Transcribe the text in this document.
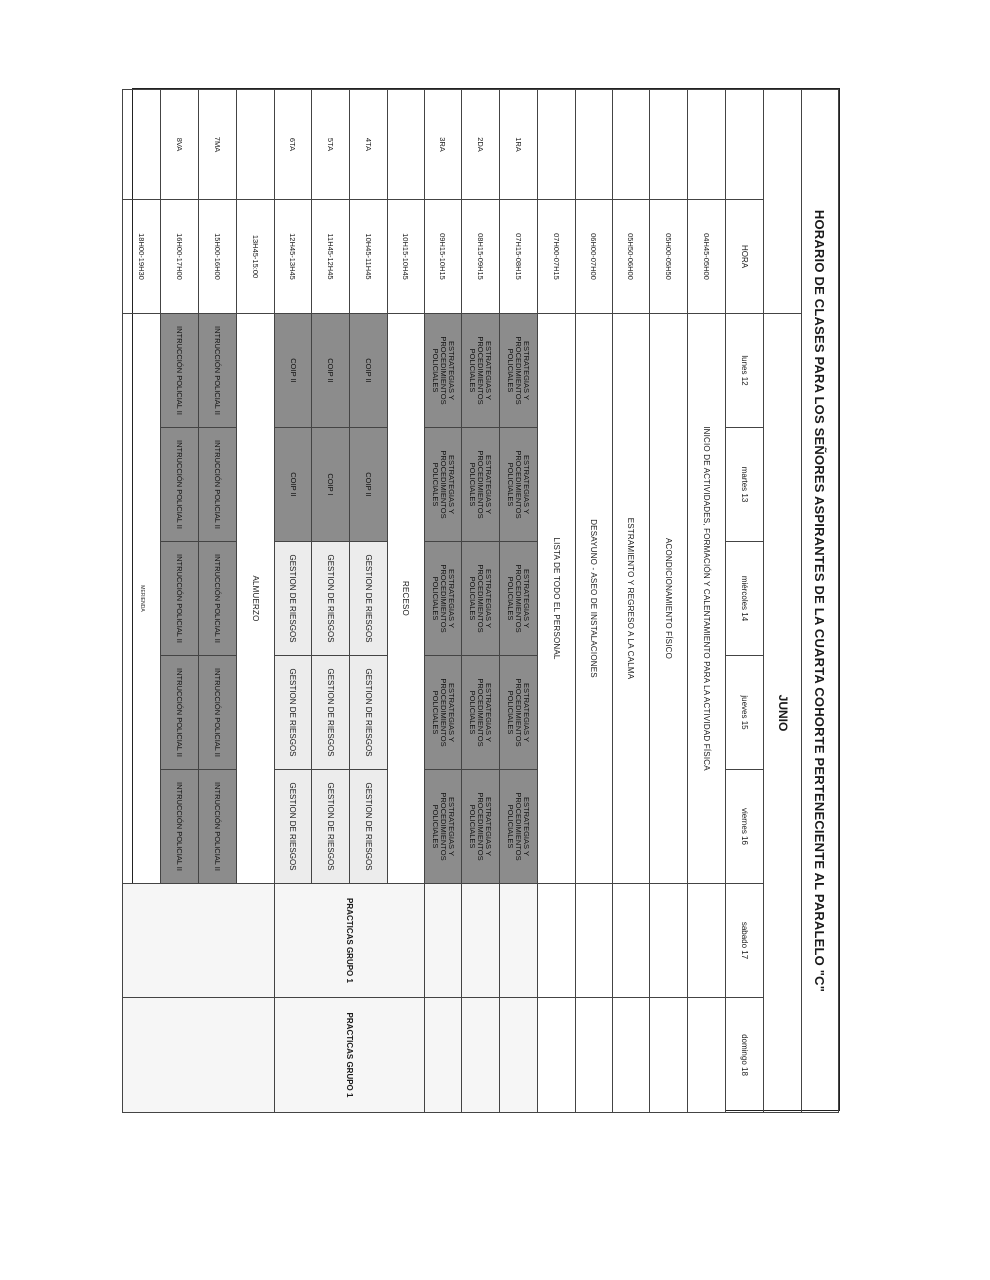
HORARIO DE CLASES PARA LOS SEÑORES ASPIRANTES DE LA CUARTA COHORTE PERTENECIENTE AL PARALELO "C"								
		JUNIO						
	HORA	lunes 12	martes 13	miércoles 14	jueves 15	viernes 16	sabado 17	domingo 18
	04H45-05H00	INICIO DE ACTIVIDADES, FORMACIÓN Y CALENTAMIENTO PARA LA ACTIVIDAD FÍSICA						
	05H00-05H50	ACONDICIONAMIENTO FÍSICO						
	05H50-06H00	ESTRAMIENTO Y REGRESO A LA CALMA						
	06H00-07H00	DESAYUNO - ASEO DE INSTALACIONES						
	07H00-07H15	LISTA DE TODO EL PERSONAL						
1RA	07H15-08H15	ESTRATEGIAS Y PROCEDIMIENTOS POLICIALES	ESTRATEGIAS Y PROCEDIMIENTOS POLICIALES	ESTRATEGIAS Y PROCEDIMIENTOS POLICIALES	ESTRATEGIAS Y PROCEDIMIENTOS POLICIALES	ESTRATEGIAS Y PROCEDIMIENTOS POLICIALES		
2DA	08H15-09H15	ESTRATEGIAS Y PROCEDIMIENTOS POLICIALES	ESTRATEGIAS Y PROCEDIMIENTOS POLICIALES	ESTRATEGIAS Y PROCEDIMIENTOS POLICIALES	ESTRATEGIAS Y PROCEDIMIENTOS POLICIALES	ESTRATEGIAS Y PROCEDIMIENTOS POLICIALES		
3RA	09H15-10H15	ESTRATEGIAS Y PROCEDIMIENTOS POLICIALES	ESTRATEGIAS Y PROCEDIMIENTOS POLICIALES	ESTRATEGIAS Y PROCEDIMIENTOS POLICIALES	ESTRATEGIAS Y PROCEDIMIENTOS POLICIALES	ESTRATEGIAS Y PROCEDIMIENTOS POLICIALES		
	10H15-10H45	RECESO					PRACTICAS GRUPO 1	PRACTICAS GRUPO 1
4TA	10H45-11H45	COIP II	COIP II	GESTION DE RIESGOS	GESTION DE RIESGOS	GESTION DE RIESGOS		
5TA	11H45-12H45	COIP II	COIP I	GESTION DE RIESGOS	GESTION DE RIESGOS	GESTION DE RIESGOS		
6TA	12H45-13H45	COIP II	COIP II	GESTION DE RIESGOS	GESTION DE RIESGOS	GESTION DE RIESGOS		
	13H45-15:00	ALMUERZO						
7MA	15H00-16H00	INTRUCCIÓN POLICIAL II	INTRUCCIÓN POLICIAL II	INTRUCCIÓN POLICIAL II	INTRUCCIÓN POLICIAL II	INTRUCCIÓN POLICIAL II		
8VA	16H00-17H00	INTRUCCIÓN POLICIAL II	INTRUCCIÓN POLICIAL II	INTRUCCIÓN POLICIAL II	INTRUCCIÓN POLICIAL II	INTRUCCIÓN POLICIAL II		
	18H00-19H30	MERIENDA						
